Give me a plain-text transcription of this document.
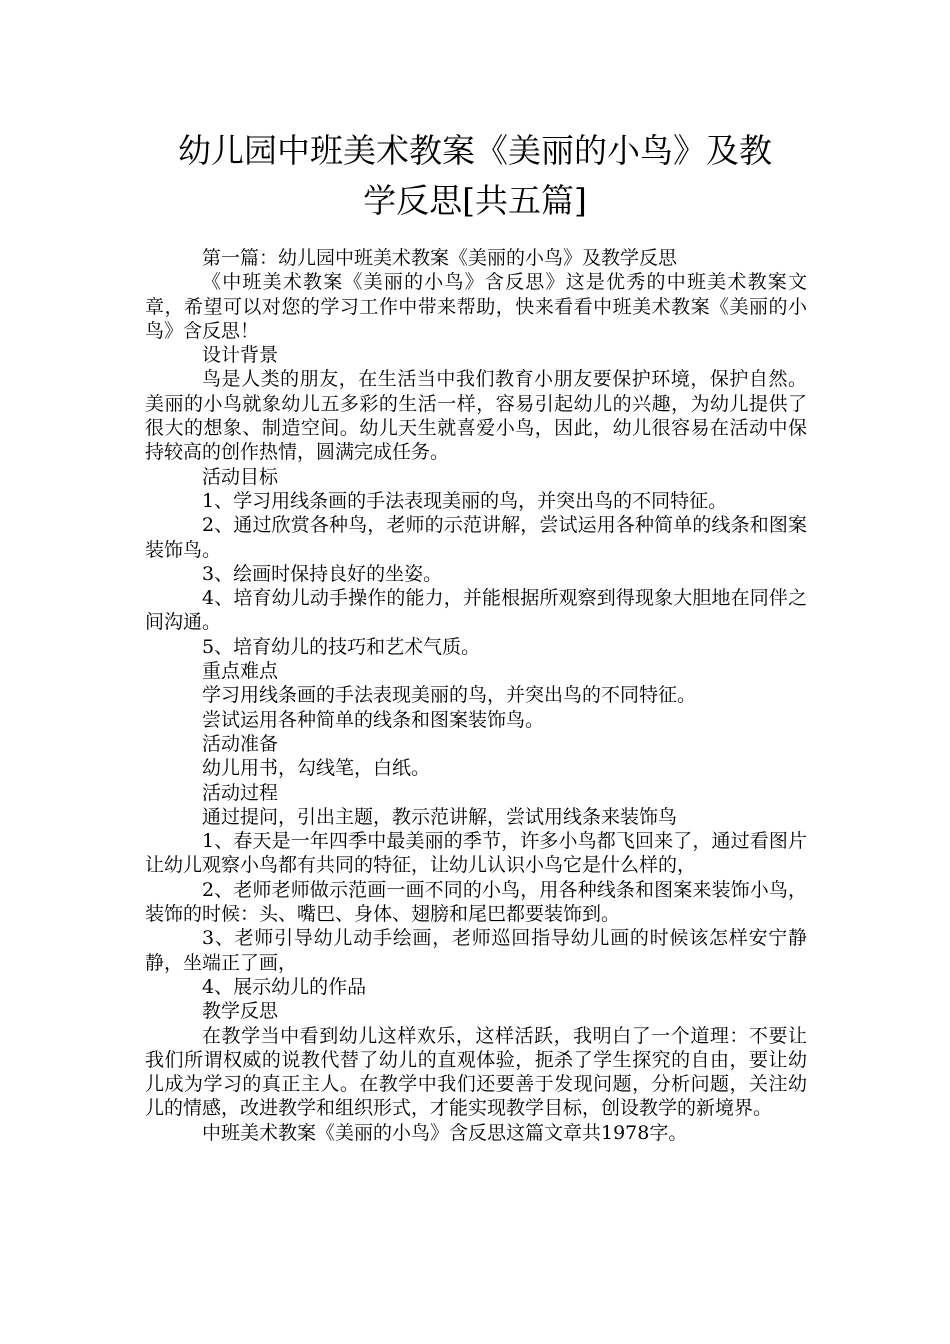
幼儿园中班美术教案《美丽的小鸟》及教
学反思[共五篇]

第一篇：幼儿园中班美术教案《美丽的小鸟》及教学反思

《中班美术教案《美丽的小鸟》含反思》这是优秀的中班美术教案文章，希望可以对您的学习工作中带来帮助，快来看看中班美术教案《美丽的小鸟》含反思！

设计背景

鸟是人类的朋友，在生活当中我们教育小朋友要保护环境，保护自然。美丽的小鸟就象幼儿五多彩的生活一样，容易引起幼儿的兴趣，为幼儿提供了很大的想象、制造空间。幼儿天生就喜爱小鸟，因此，幼儿很容易在活动中保持较高的创作热情，圆满完成任务。

活动目标

1、学习用线条画的手法表现美丽的鸟，并突出鸟的不同特征。

2、通过欣赏各种鸟，老师的示范讲解，尝试运用各种简单的线条和图案装饰鸟。

3、绘画时保持良好的坐姿。

4、培育幼儿动手操作的能力，并能根据所观察到得现象大胆地在同伴之间沟通。

5、培育幼儿的技巧和艺术气质。

重点难点

学习用线条画的手法表现美丽的鸟，并突出鸟的不同特征。

尝试运用各种简单的线条和图案装饰鸟。

活动准备

幼儿用书，勾线笔，白纸。

活动过程

通过提问，引出主题，教示范讲解，尝试用线条来装饰鸟

1、春天是一年四季中最美丽的季节，许多小鸟都飞回来了，通过看图片让幼儿观察小鸟都有共同的特征，让幼儿认识小鸟它是什么样的，

2、老师老师做示范画一画不同的小鸟，用各种线条和图案来装饰小鸟，装饰的时候：头、嘴巴、身体、翅膀和尾巴都要装饰到。

3、老师引导幼儿动手绘画，老师巡回指导幼儿画的时候该怎样安宁静静，坐端正了画，

4、展示幼儿的作品

教学反思

在教学当中看到幼儿这样欢乐，这样活跃，我明白了一个道理：不要让我们所谓权威的说教代替了幼儿的直观体验，扼杀了学生探究的自由，要让幼儿成为学习的真正主人。在教学中我们还要善于发现问题，分析问题，关注幼儿的情感，改进教学和组织形式，才能实现教学目标，创设教学的新境界。

中班美术教案《美丽的小鸟》含反思这篇文章共1978字。
